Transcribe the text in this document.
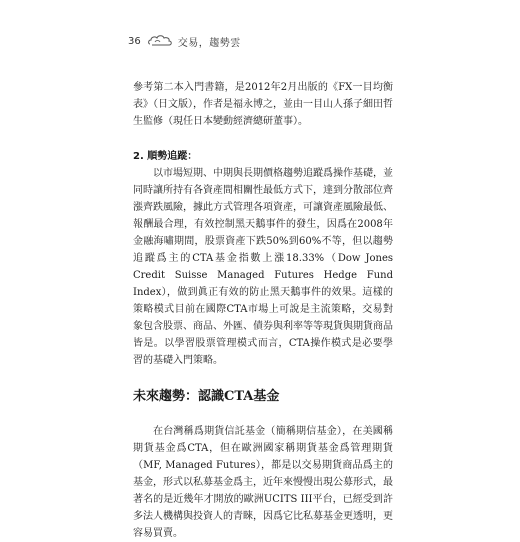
36	交易，趨勢雲

參考第二本入門書籍，是2012年2月出版的《FX一目均衡表》（日文版），作者是福永博之，並由一目山人孫子細田哲生監修（現任日本變動經濟總研董事）。

2. 順勢追蹤：

以市場短期、中期與長期價格趨勢追蹤爲操作基礎，並同時讓所持有各資產間相關性最低方式下，達到分散部位齊漲齊跌風險，據此方式管理各項資產，可讓資產風險最低、報酬最合理，有效控制黑天鵝事件的發生，因爲在2008年金融海嘯期間，股票資產下跌50%到60%不等，但以趨勢追蹤爲主的CTA基金指數上漲18.33%（Dow Jones Credit Suisse Managed Futures Hedge Fund Index），做到眞正有效的防止黑天鵝事件的效果。這樣的策略模式目前在國際CTA市場上可說是主流策略，交易對象包含股票、商品、外匯、債券與利率等等現貨與期貨商品皆是。以學習股票管理模式而言，CTA操作模式是必要學習的基礎入門策略。

未來趨勢：認識CTA基金

在台灣稱爲期貨信託基金（簡稱期信基金），在美國稱期貨基金爲CTA，但在歐洲國家稱期貨基金爲管理期貨（MF, Managed Futures），都是以交易期貨商品爲主的基金，形式以私募基金爲主，近年來慢慢出現公募形式，最著名的是近幾年才開放的歐洲UCITS III平台，已經受到許多法人機構與投資人的青睞，因爲它比私募基金更透明，更容易買賣。
